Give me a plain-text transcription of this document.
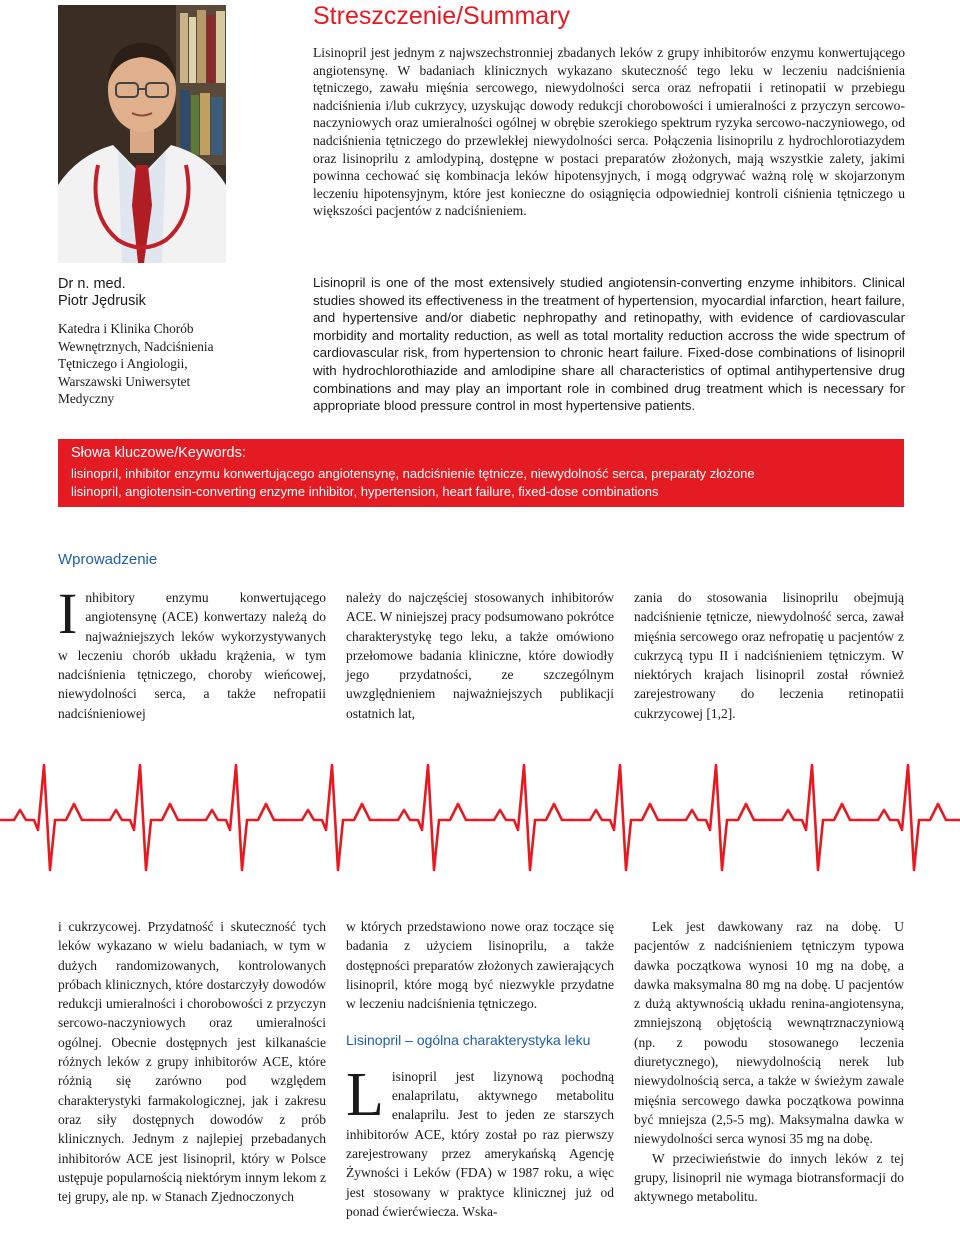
Streszczenie/Summary
Lisinopril jest jednym z najwszechstronniej zbadanych leków z grupy inhibitorów enzymu konwertującego angiotensynę. W badaniach klinicznych wykazano skuteczność tego leku w leczeniu nadciśnienia tętniczego, zawału mięśnia sercowego, niewydolności serca oraz nefropatii i retinopatii w przebiegu nadciśnienia i/lub cukrzycy, uzyskując dowody redukcji chorobowości i umieralności z przyczyn sercowo-naczyniowych oraz umieralności ogólnej w obrębie szerokiego spektrum ryzyka sercowo-naczyniowego, od nadciśnienia tętniczego do przewlekłej niewydolności serca. Połączenia lisinoprilu z hydrochlorotiazydem oraz lisinoprilu z amlodypiną, dostępne w postaci preparatów złożonych, mają wszystkie zalety, jakimi powinna cechować się kombinacja leków hipotensyjnych, i mogą odgrywać ważną rolę w skojarzonym leczeniu hipotensyjnym, które jest konieczne do osiągnięcia odpowiedniej kontroli ciśnienia tętniczego u większości pacjentów z nadciśnieniem.
Dr n. med.
Piotr Jędrusik
Katedra i Klinika Chorób Wewnętrznych, Nadciśnienia Tętniczego i Angiologii, Warszawski Uniwersytet Medyczny
Lisinopril is one of the most extensively studied angiotensin-converting enzyme inhibitors. Clinical studies showed its effectiveness in the treatment of hypertension, myocardial infarction, heart failure, and hypertensive and/or diabetic nephropathy and retinopathy, with evidence of cardiovascular morbidity and mortality reduction, as well as total mortality reduction accross the wide spectrum of cardiovascular risk, from hypertension to chronic heart failure. Fixed-dose combinations of lisinopril with hydrochlorothiazide and amlodipine share all characteristics of optimal antihypertensive drug combinations and may play an important role in combined drug treatment which is necessary for appropriate blood pressure control in most hypertensive patients.
Słowa kluczowe/Keywords:
lisinopril, inhibitor enzymu konwertującego angiotensynę, nadciśnienie tętnicze, niewydolność serca, preparaty złożone
lisinopril, angiotensin-converting enzyme inhibitor, hypertension, heart failure, fixed-dose combinations
Wprowadzenie
I nhibitory enzymu konwertującego angiotensynę (ACE) konwertazy należą do najważniejszych leków wykorzystywanych w leczeniu chorób układu krążenia, w tym nadciśnienia tętniczego, choroby wieńcowej, niewydolności serca, a także nefropatii nadciśnieniowej
należy do najczęściej stosowanych inhibitorów ACE. W niniejszej pracy podsumowano pokrótce charakterystykę tego leku, a także omówiono przełomowe badania kliniczne, które dowiodły jego przydatności, ze szczególnym uwzględnieniem najważniejszych publikacji ostatnich lat,
zania do stosowania lisinoprilu obejmują nadciśnienie tętnicze, niewydolność serca, zawał mięśnia sercowego oraz nefropatię u pacjentów z cukrzycą typu II i nadciśnieniem tętniczym. W niektórych krajach lisinopril został również zarejestrowany do leczenia retinopatii cukrzycowej [1,2].

i cukrzycowej. Przydatność i skuteczność tych leków wykazano w wielu badaniach, w tym w dużych randomizowanych, kontrolowanych próbach klinicznych, które dostarczyły dowodów redukcji umieralności i chorobowości z przyczyn sercowo-naczyniowych oraz umieralności ogólnej. Obecnie dostępnych jest kilkanaście różnych leków z grupy inhibitorów ACE, które różnią się zarówno pod względem charakterystyki farmakologicznej, jak i zakresu oraz siły dostępnych dowodów z prób klinicznych. Jednym z najlepiej przebadanych inhibitorów ACE jest lisinopril, który w Polsce ustępuje popularnością niektórym innym lekom z tej grupy, ale np. w Stanach Zjednoczonych

w których przedstawiono nowe oraz toczące się badania z użyciem lisinoprilu, a także dostępności preparatów złożonych zawierających lisinopril, które mogą być niezwykle przydatne w leczeniu nadciśnienia tętniczego.

Lisinopril – ogólna charakterystyka leku

L isinopril jest lizynową pochodną enalaprilatu, aktywnego metabolitu enalaprilu. Jest to jeden ze starszych inhibitorów ACE, który został po raz pierwszy zarejestrowany przez amerykańską Agencję Żywności i Leków (FDA) w 1987 roku, a więc jest stosowany w praktyce klinicznej już od ponad ćwierćwiecza. Wska-

Lek jest dawkowany raz na dobę. U pacjentów z nadciśnieniem tętniczym typowa dawka początkowa wynosi 10 mg na dobę, a dawka maksymalna 80 mg na dobę. U pacjentów z dużą aktywnością układu renina-angiotensyna, zmniejszoną objętością wewnątrznaczyniową (np. z powodu stosowanego leczenia diuretycznego), niewydolnością nerek lub niewydolnością serca, a także w świeżym zawale mięśnia sercowego dawka początkowa powinna być mniejsza (2,5-5 mg). Maksymalna dawka w niewydolności serca wynosi 35 mg na dobę.

W przeciwieństwie do innych leków z tej grupy, lisinopril nie wymaga biotransformacji do aktywnego metabolitu.
